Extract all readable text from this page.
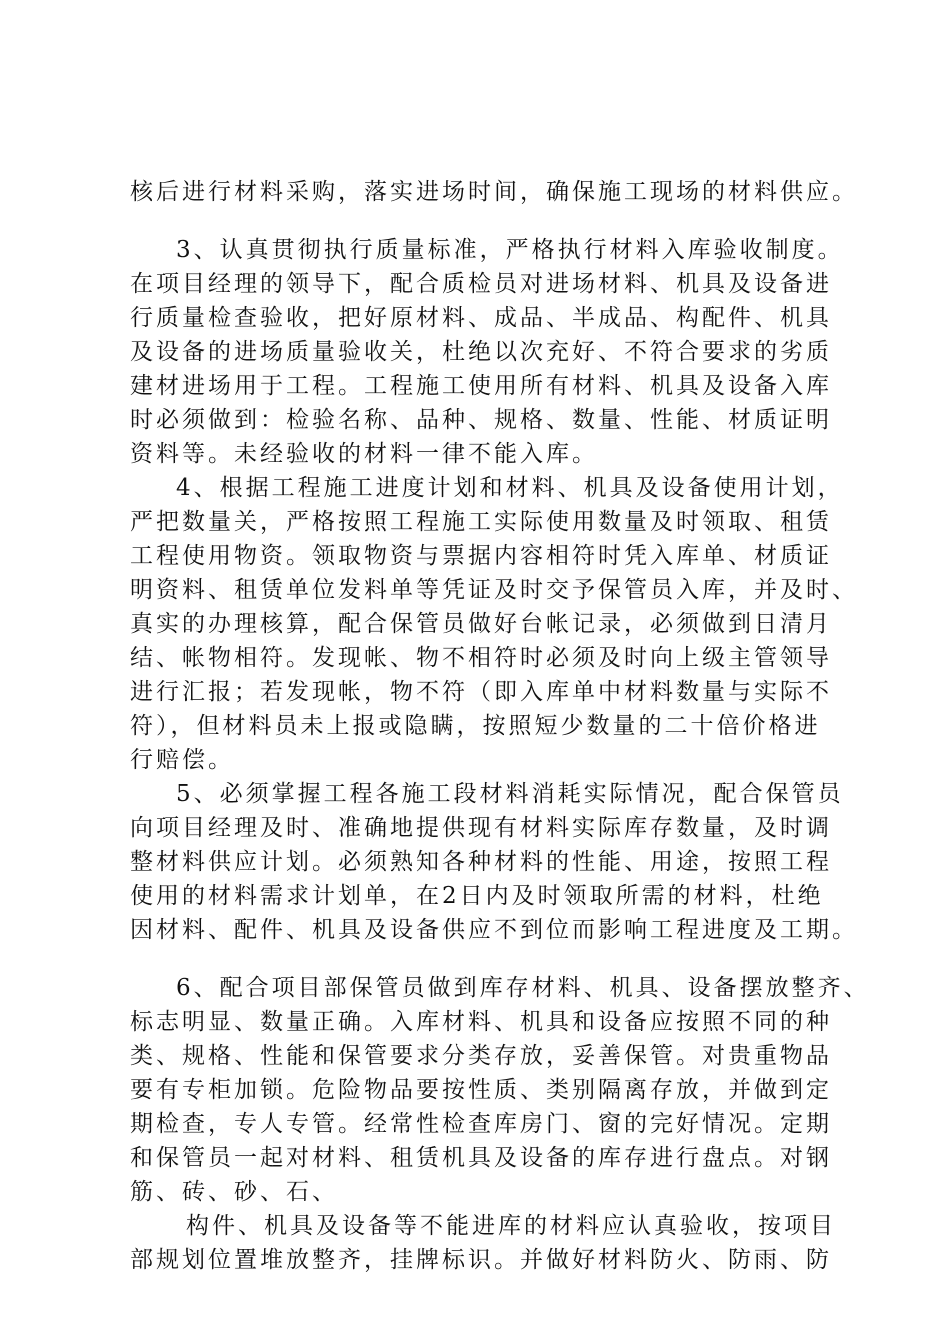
核后进行材料采购，落实进场时间，确保施工现场的材料供应。
3、认真贯彻执行质量标准，严格执行材料入库验收制度。
在项目经理的领导下，配合质检员对进场材料、机具及设备进
行质量检查验收，把好原材料、成品、半成品、构配件、机具
及设备的进场质量验收关，杜绝以次充好、不符合要求的劣质
建材进场用于工程。工程施工使用所有材料、机具及设备入库
时必须做到：检验名称、品种、规格、数量、性能、材质证明
资料等。未经验收的材料一律不能入库。
4、根据工程施工进度计划和材料、机具及设备使用计划，
严把数量关，严格按照工程施工实际使用数量及时领取、租赁
工程使用物资。领取物资与票据内容相符时凭入库单、材质证
明资料、租赁单位发料单等凭证及时交予保管员入库，并及时、
真实的办理核算，配合保管员做好台帐记录，必须做到日清月
结、帐物相符。发现帐、物不相符时必须及时向上级主管领导
进行汇报；若发现帐，物不符（即入库单中材料数量与实际不
符），但材料员未上报或隐瞒，按照短少数量的二十倍价格进
行赔偿。
5、必须掌握工程各施工段材料消耗实际情况，配合保管员
向项目经理及时、准确地提供现有材料实际库存数量，及时调
整材料供应计划。必须熟知各种材料的性能、用途，按照工程
使用的材料需求计划单，在2日内及时领取所需的材料，杜绝
因材料、配件、机具及设备供应不到位而影响工程进度及工期。
6、配合项目部保管员做到库存材料、机具、设备摆放整齐、
标志明显、数量正确。入库材料、机具和设备应按照不同的种
类、规格、性能和保管要求分类存放，妥善保管。对贵重物品
要有专柜加锁。危险物品要按性质、类别隔离存放，并做到定
期检查，专人专管。经常性检查库房门、窗的完好情况。定期
和保管员一起对材料、租赁机具及设备的库存进行盘点。对钢
筋、砖、砂、石、
构件、机具及设备等不能进库的材料应认真验收，按项目
部规划位置堆放整齐，挂牌标识。并做好材料防火、防雨、防
